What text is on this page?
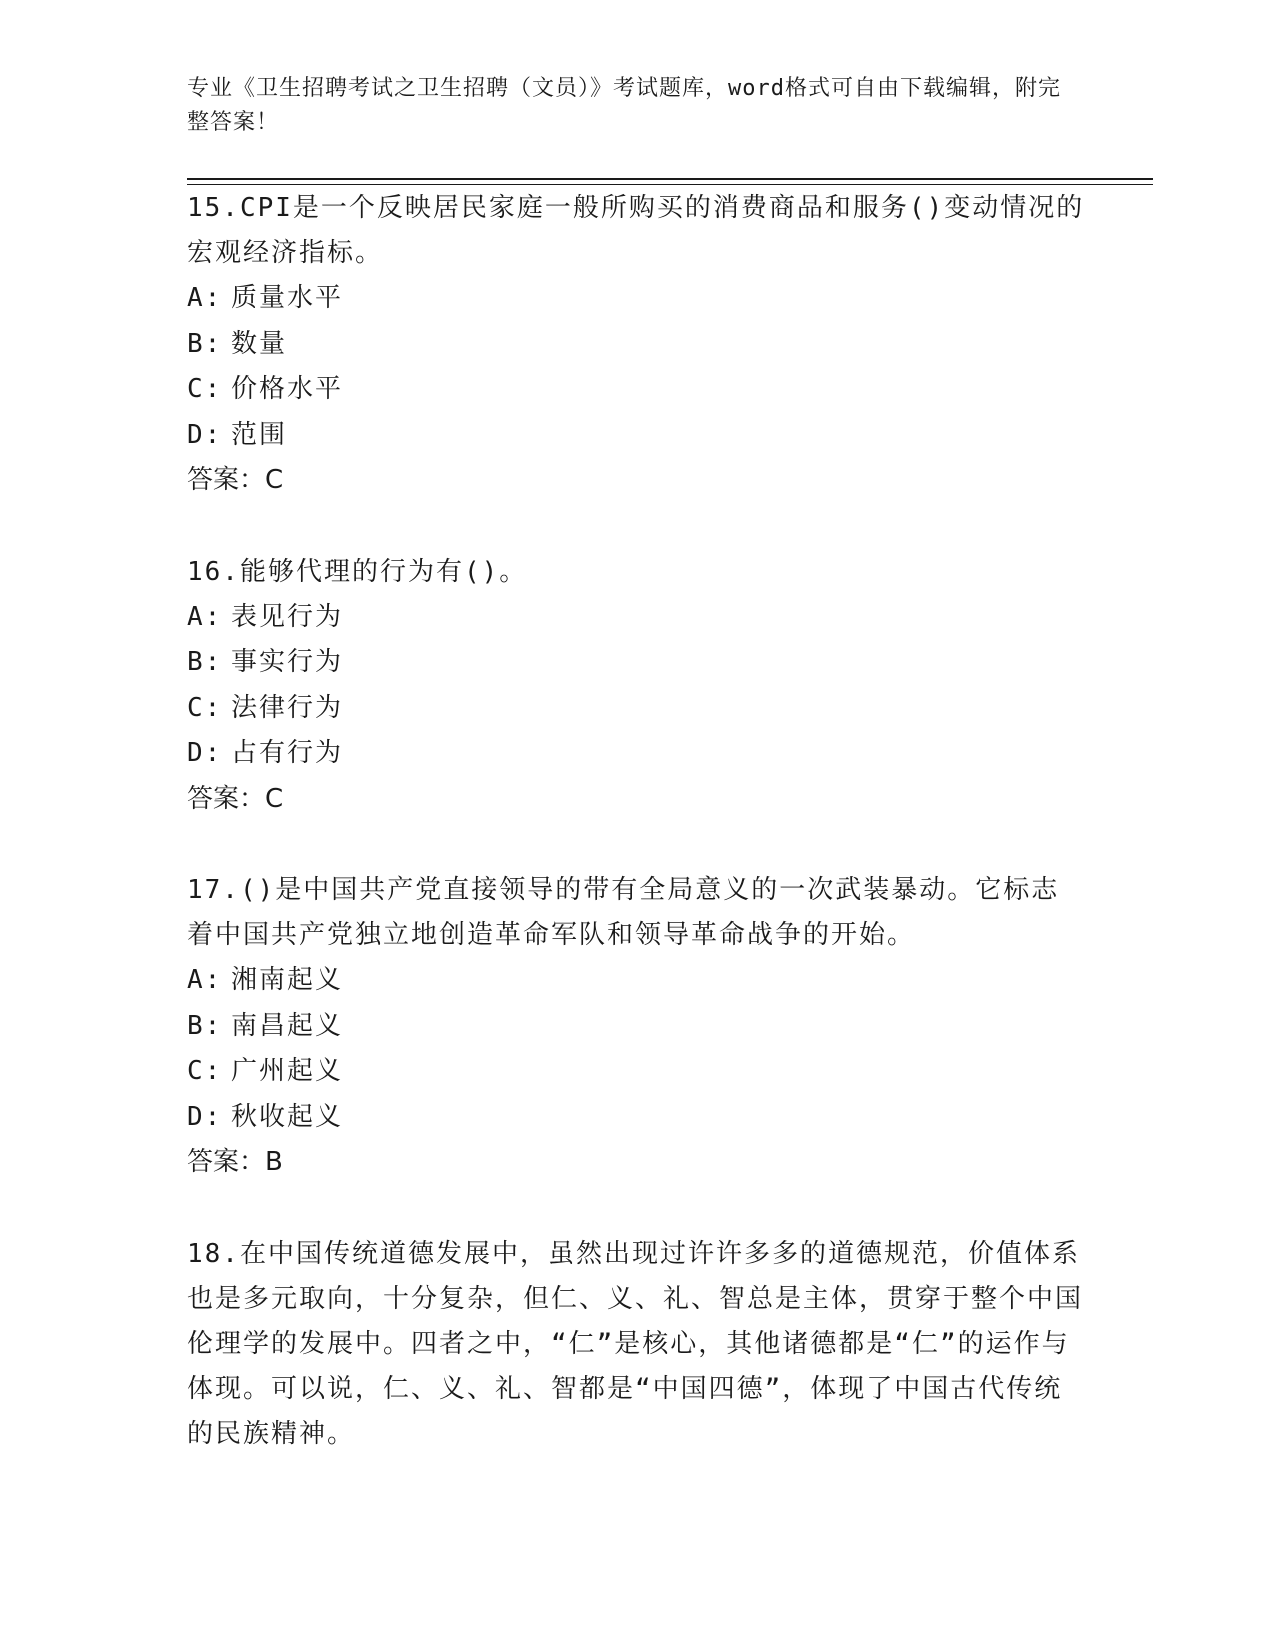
专业《卫生招聘考试之卫生招聘（文员）》考试题库，word格式可自由下载编辑，附完整答案！
15.CPI是一个反映居民家庭一般所购买的消费商品和服务()变动情况的宏观经济指标。
A: 质量水平
B: 数量
C: 价格水平
D: 范围
答案：C
16.能够代理的行为有()。
A: 表见行为
B: 事实行为
C: 法律行为
D: 占有行为
答案：C
17.()是中国共产党直接领导的带有全局意义的一次武装暴动。它标志着中国共产党独立地创造革命军队和领导革命战争的开始。
A: 湘南起义
B: 南昌起义
C: 广州起义
D: 秋收起义
答案：B
18.在中国传统道德发展中，虽然出现过许许多多的道德规范，价值体系也是多元取向，十分复杂，但仁、义、礼、智总是主体，贯穿于整个中国伦理学的发展中。四者之中，“仁”是核心，其他诸德都是“仁”的运作与体现。可以说，仁、义、礼、智都是“中国四德”，体现了中国古代传统的民族精神。
